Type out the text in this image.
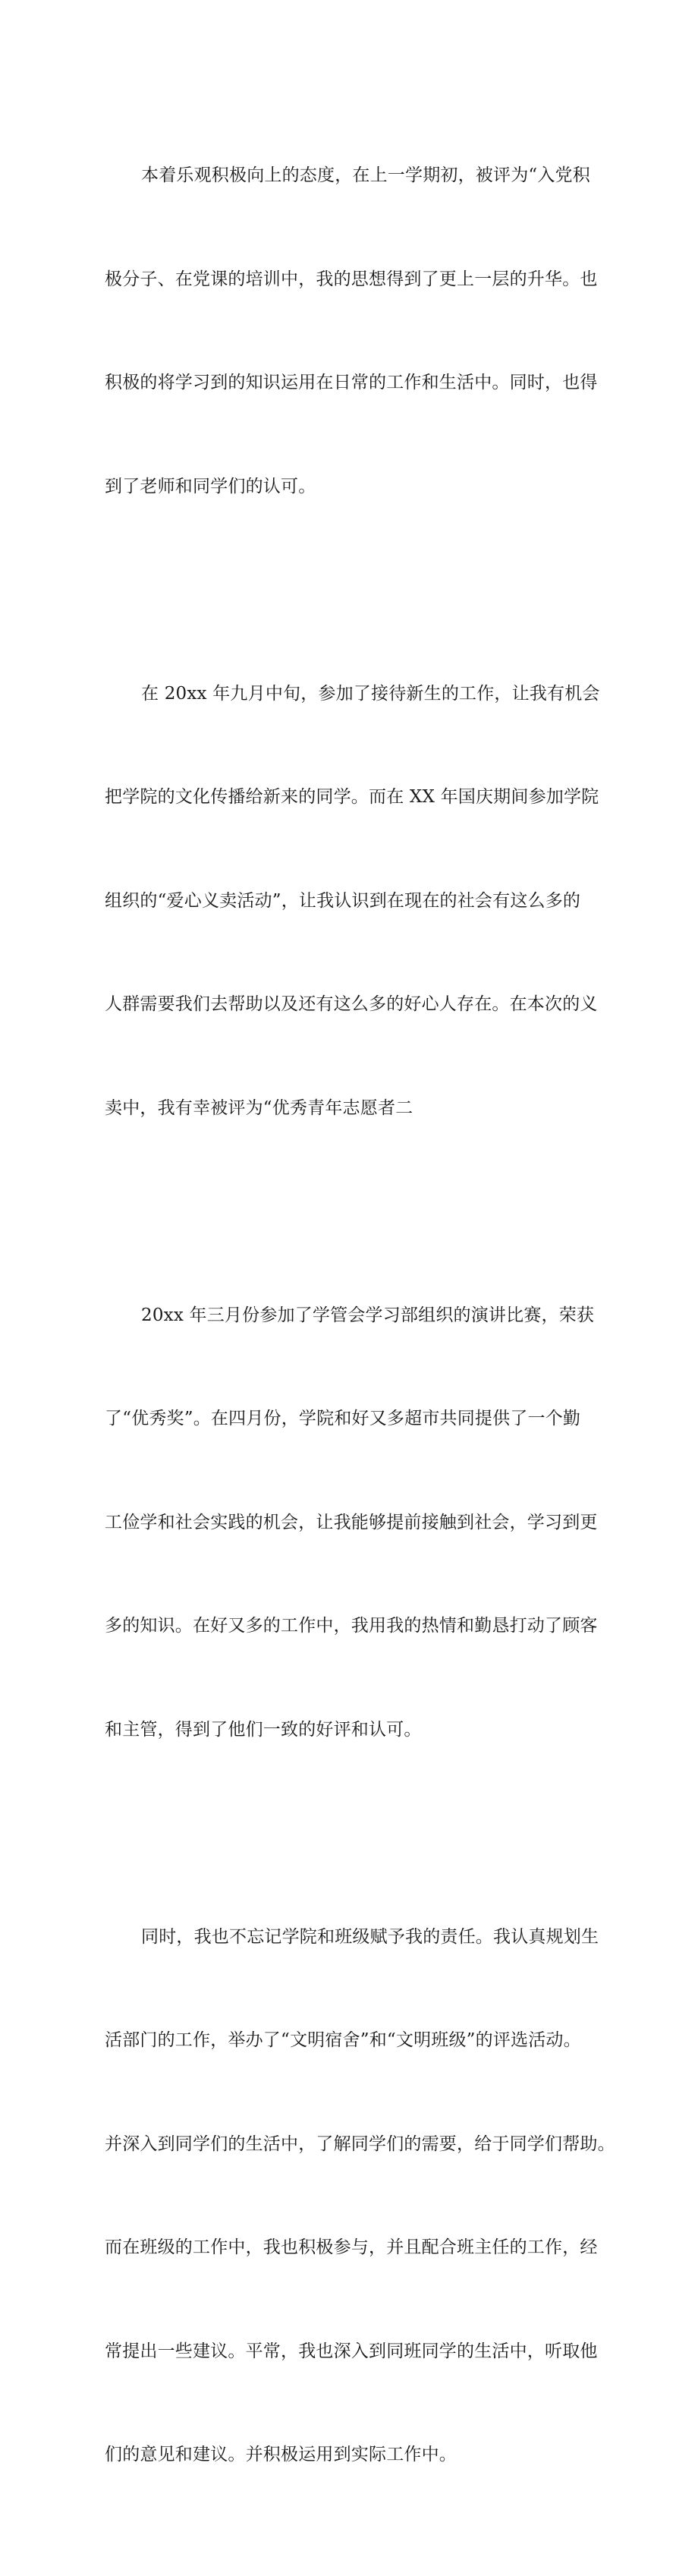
本着乐观积极向上的态度，在上一学期初，被评为“入党积

极分子、在党课的培训中，我的思想得到了更上一层的升华。也

积极的将学习到的知识运用在日常的工作和生活中。同时，也得

到了老师和同学们的认可。

在 20xx 年九月中旬，参加了接待新生的工作，让我有机会

把学院的文化传播给新来的同学。而在 XX 年国庆期间参加学院

组织的“爱心义卖活动”，让我认识到在现在的社会有这么多的

人群需要我们去帮助以及还有这么多的好心人存在。在本次的义

卖中，我有幸被评为“优秀青年志愿者二

20xx 年三月份参加了学管会学习部组织的演讲比赛，荣获

了“优秀奖”。在四月份，学院和好又多超市共同提供了一个勤

工俭学和社会实践的机会，让我能够提前接触到社会，学习到更

多的知识。在好又多的工作中，我用我的热情和勤恳打动了顾客

和主管，得到了他们一致的好评和认可。

同时，我也不忘记学院和班级赋予我的责任。我认真规划生

活部门的工作，举办了“文明宿舍”和“文明班级”的评选活动。

并深入到同学们的生活中，了解同学们的需要，给于同学们帮助。

而在班级的工作中，我也积极参与，并且配合班主任的工作，经

常提出一些建议。平常，我也深入到同班同学的生活中，听取他

们的意见和建议。并积极运用到实际工作中。
